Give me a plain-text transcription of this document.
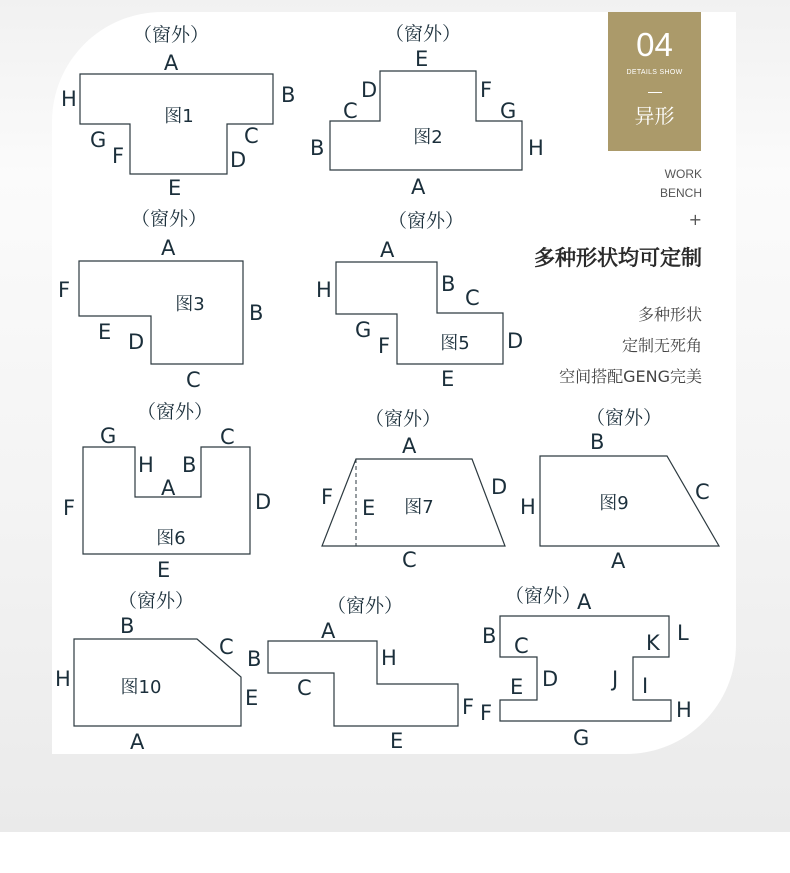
（窗外）
图1
A
B
C
D
E
F
G
H
（窗外）
图2
A
B
C
D
E
F
G
H
（窗外）
图3
A
B
C
D
E
F
（窗外）
图5
A
B
C
D
E
F
G
H
（窗外）
图6
A
B
C
D
E
F
G
H
（窗外）
图7
A
C
D
E
F
（窗外）
图9
A
B
C
H
（窗外）
图10
A
B
C
E
H
（窗外）
A
B
C
E
F
H
（窗外）
A
B C
D
E
F
G
H
I
J
K L
04
DETAILS SHOW
异形
WORK
BENCH
+
多种形状均可定制
多种形状
定制无死角
空间搭配GENG完美
